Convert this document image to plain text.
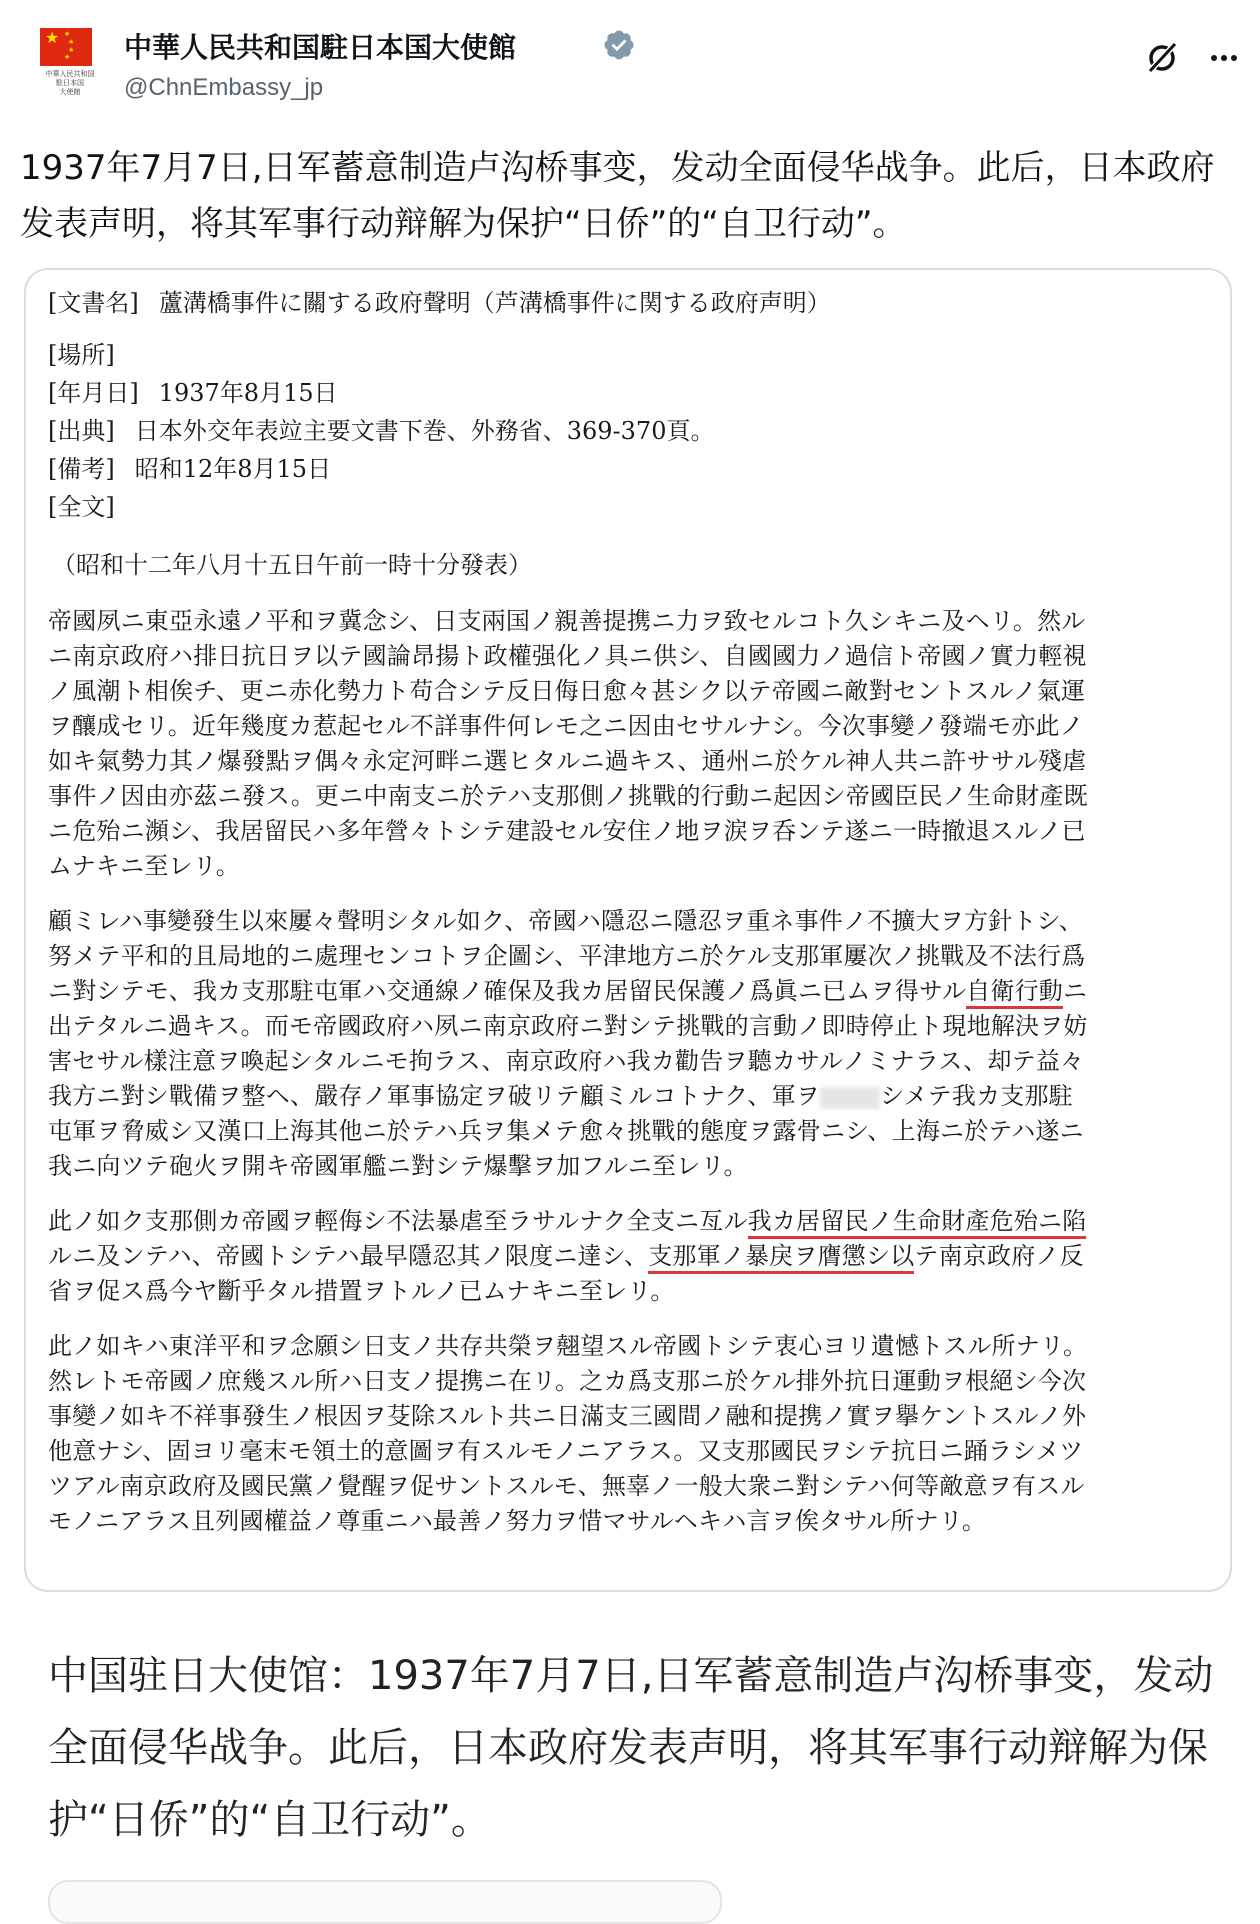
★ ★
★
★
★
中華人民共和国
駐日本国
大使館
中華人民共和国駐日本国大使館
@ChnEmbassy_jp
1937年7月7日,日军蓄意制造卢沟桥事变，发动全面侵华战争。此后，日本政府发表声明，将其军事行动辩解为保护“日侨”的“自卫行动”。
[文書名] 蘆溝橋事件に關する政府聲明（芦溝橋事件に関する政府声明）
[場所]
[年月日] 1937年8月15日
[出典] 日本外交年表竝主要文書下巻、外務省、369-370頁。
[備考] 昭和12年8月15日
[全文]
（昭和十二年八月十五日午前一時十分發表）
帝國夙ニ東亞永遠ノ平和ヲ冀念シ、日支兩国ノ親善提携ニ力ヲ致セルコト久シキニ及ヘリ。然ル
ニ南京政府ハ排日抗日ヲ以テ國論昂揚ト政權强化ノ具ニ供シ、自國國力ノ過信ト帝國ノ實力輕視
ノ風潮ト相俟チ、更ニ赤化勢力ト苟合シテ反日侮日愈々甚シク以テ帝國ニ敵對セントスルノ氣運
ヲ釀成セリ。近年幾度カ惹起セル不詳事件何レモ之ニ因由セサルナシ。今次事變ノ發端モ亦此ノ
如キ氣勢力其ノ爆發點ヲ偶々永定河畔ニ選ヒタルニ過キス、通州ニ於ケル神人共ニ許ササル殘虐
事件ノ因由亦茲ニ發ス。更ニ中南支ニ於テハ支那側ノ挑戰的行動ニ起因シ帝國臣民ノ生命財產既
ニ危殆ニ瀕シ、我居留民ハ多年營々トシテ建設セル安住ノ地ヲ涙ヲ呑ンテ遂ニ一時撤退スルノ已
ムナキニ至レリ。
顧ミレハ事變發生以來屢々聲明シタル如ク、帝國ハ隱忍ニ隱忍ヲ重ネ事件ノ不擴大ヲ方針トシ、
努メテ平和的且局地的ニ處理センコトヲ企圖シ、平津地方ニ於ケル支那軍屢次ノ挑戰及不法行爲
ニ對シテモ、我カ支那駐屯軍ハ交通線ノ確保及我カ居留民保護ノ爲眞ニ已ムヲ得サル自衛行動ニ
出テタルニ過キス。而モ帝國政府ハ夙ニ南京政府ニ對シテ挑戰的言動ノ即時停止ト現地解決ヲ妨
害セサル樣注意ヲ喚起シタルニモ拘ラス、南京政府ハ我カ勸告ヲ聽カサルノミナラス、却テ益々
我方ニ對シ戰備ヲ整ヘ、嚴存ノ軍事協定ヲ破リテ顧ミルコトナク、軍ヲ	シメテ我カ支那駐
屯軍ヲ脅威シ又漢口上海其他ニ於テハ兵ヲ集メテ愈々挑戰的態度ヲ露骨ニシ、上海ニ於テハ遂ニ
我ニ向ツテ砲火ヲ開キ帝國軍艦ニ對シテ爆擊ヲ加フルニ至レリ。
此ノ如ク支那側カ帝國ヲ輕侮シ不法暴虐至ラサルナク全支ニ亙ル我カ居留民ノ生命財產危殆ニ陷
ルニ及ンテハ、帝國トシテハ最早隱忍其ノ限度ニ達シ、支那軍ノ暴戾ヲ膺懲シ以テ南京政府ノ反
省ヲ促ス爲今ヤ斷乎タル措置ヲトルノ已ムナキニ至レリ。
此ノ如キハ東洋平和ヲ念願シ日支ノ共存共榮ヲ翹望スル帝國トシテ衷心ヨリ遺憾トスル所ナリ。
然レトモ帝國ノ庶幾スル所ハ日支ノ提携ニ在リ。之カ爲支那ニ於ケル排外抗日運動ヲ根絕シ今次
事變ノ如キ不祥事發生ノ根因ヲ芟除スルト共ニ日滿支三國間ノ融和提携ノ實ヲ擧ケントスルノ外
他意ナシ、固ヨリ毫末モ領土的意圖ヲ有スルモノニアラス。又支那國民ヲシテ抗日ニ踊ラシメツ
ツアル南京政府及國民黨ノ覺醒ヲ促サントスルモ、無辜ノ一般大衆ニ對シテハ何等敵意ヲ有スル
モノニアラス且列國權益ノ尊重ニハ最善ノ努力ヲ惜マサルヘキハ言ヲ俟タサル所ナリ。
中国驻日大使馆：1937年7月7日,日军蓄意制造卢沟桥事变，发动全面侵华战争。此后，日本政府发表声明，将其军事行动辩解为保护“日侨”的“自卫行动”。
